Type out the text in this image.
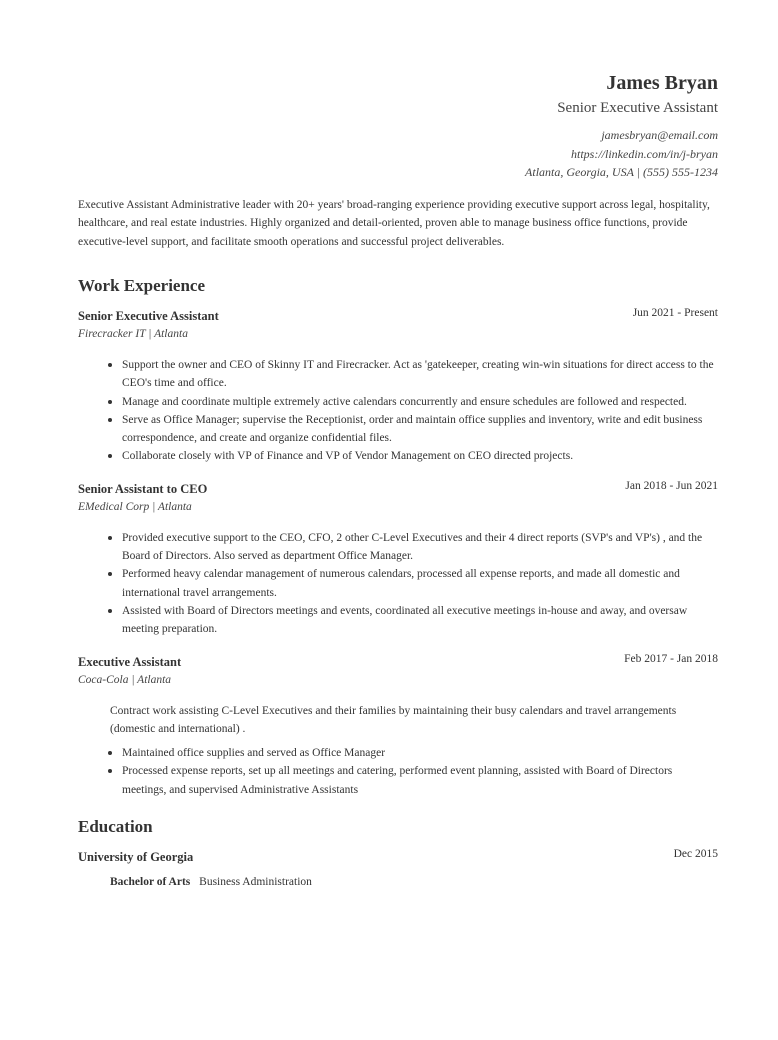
James Bryan
Senior Executive Assistant
jamesbryan@email.com
https://linkedin.com/in/j-bryan
Atlanta, Georgia, USA | (555) 555-1234
Executive Assistant Administrative leader with 20+ years' broad-ranging experience providing executive support across legal, hospitality, healthcare, and real estate industries. Highly organized and detail-oriented, proven able to manage business office functions, provide executive-level support, and facilitate smooth operations and successful project deliverables.
Work Experience
Senior Executive Assistant	Jun 2021 - Present
Firecracker IT | Atlanta
Support the owner and CEO of Skinny IT and Firecracker. Act as 'gatekeeper, creating win-win situations for direct access to the CEO's time and office.
Manage and coordinate multiple extremely active calendars concurrently and ensure schedules are followed and respected.
Serve as Office Manager; supervise the Receptionist, order and maintain office supplies and inventory, write and edit business correspondence, and create and organize confidential files.
Collaborate closely with VP of Finance and VP of Vendor Management on CEO directed projects.
Senior Assistant to CEO	Jan 2018 - Jun 2021
EMedical Corp | Atlanta
Provided executive support to the CEO, CFO, 2 other C-Level Executives and their 4 direct reports (SVP's and VP's) , and the Board of Directors. Also served as department Office Manager.
Performed heavy calendar management of numerous calendars, processed all expense reports, and made all domestic and international travel arrangements.
Assisted with Board of Directors meetings and events, coordinated all executive meetings in-house and away, and oversaw meeting preparation.
Executive Assistant	Feb 2017 - Jan 2018
Coca-Cola | Atlanta
Contract work assisting C-Level Executives and their families by maintaining their busy calendars and travel arrangements (domestic and international) .
Maintained office supplies and served as Office Manager
Processed expense reports, set up all meetings and catering, performed event planning, assisted with Board of Directors meetings, and supervised Administrative Assistants
Education
University of Georgia	Dec 2015
Bachelor of Arts Business Administration
